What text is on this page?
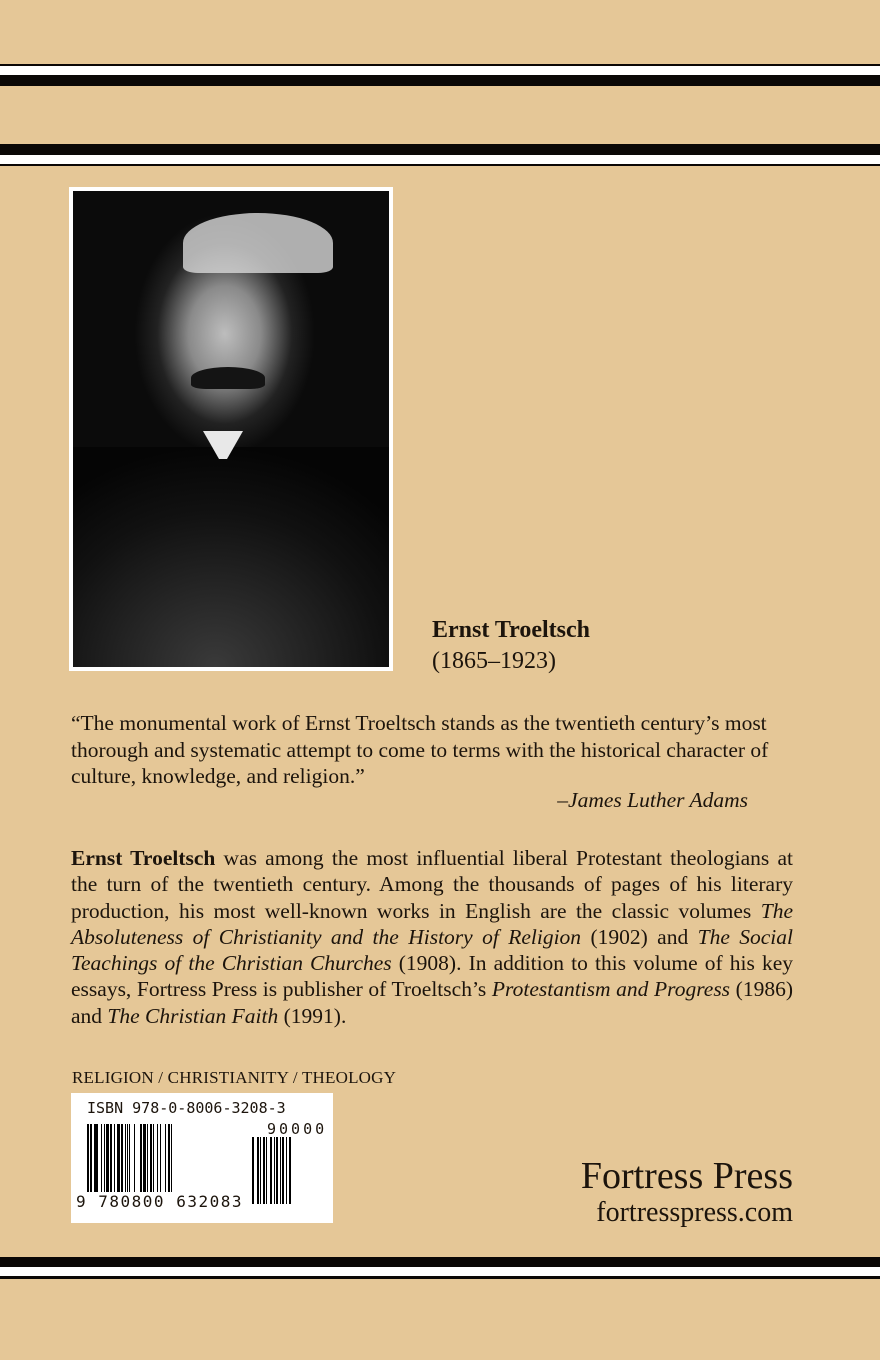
Ernst Troeltsch
(1865–1923)
“The monumental work of Ernst Troeltsch stands as the twentieth century’s most thorough and systematic attempt to come to terms with the historical character of culture, knowledge, and religion.”
–James Luther Adams
Ernst Troeltsch was among the most influential liberal Protestant theologians at the turn of the twentieth century. Among the thousands of pages of his literary production, his most well-known works in English are the classic volumes The Absoluteness of Christianity and the History of Religion (1902) and The Social Teachings of the Christian Churches (1908). In addition to this volume of his key essays, Fortress Press is publisher of Troeltsch’s Protestantism and Progress (1986) and The Christian Faith (1991).
RELIGION / CHRISTIANITY / THEOLOGY
ISBN 978-0-8006-3208-3
90000
9 780800 632083
Fortress Press
fortresspress.com
